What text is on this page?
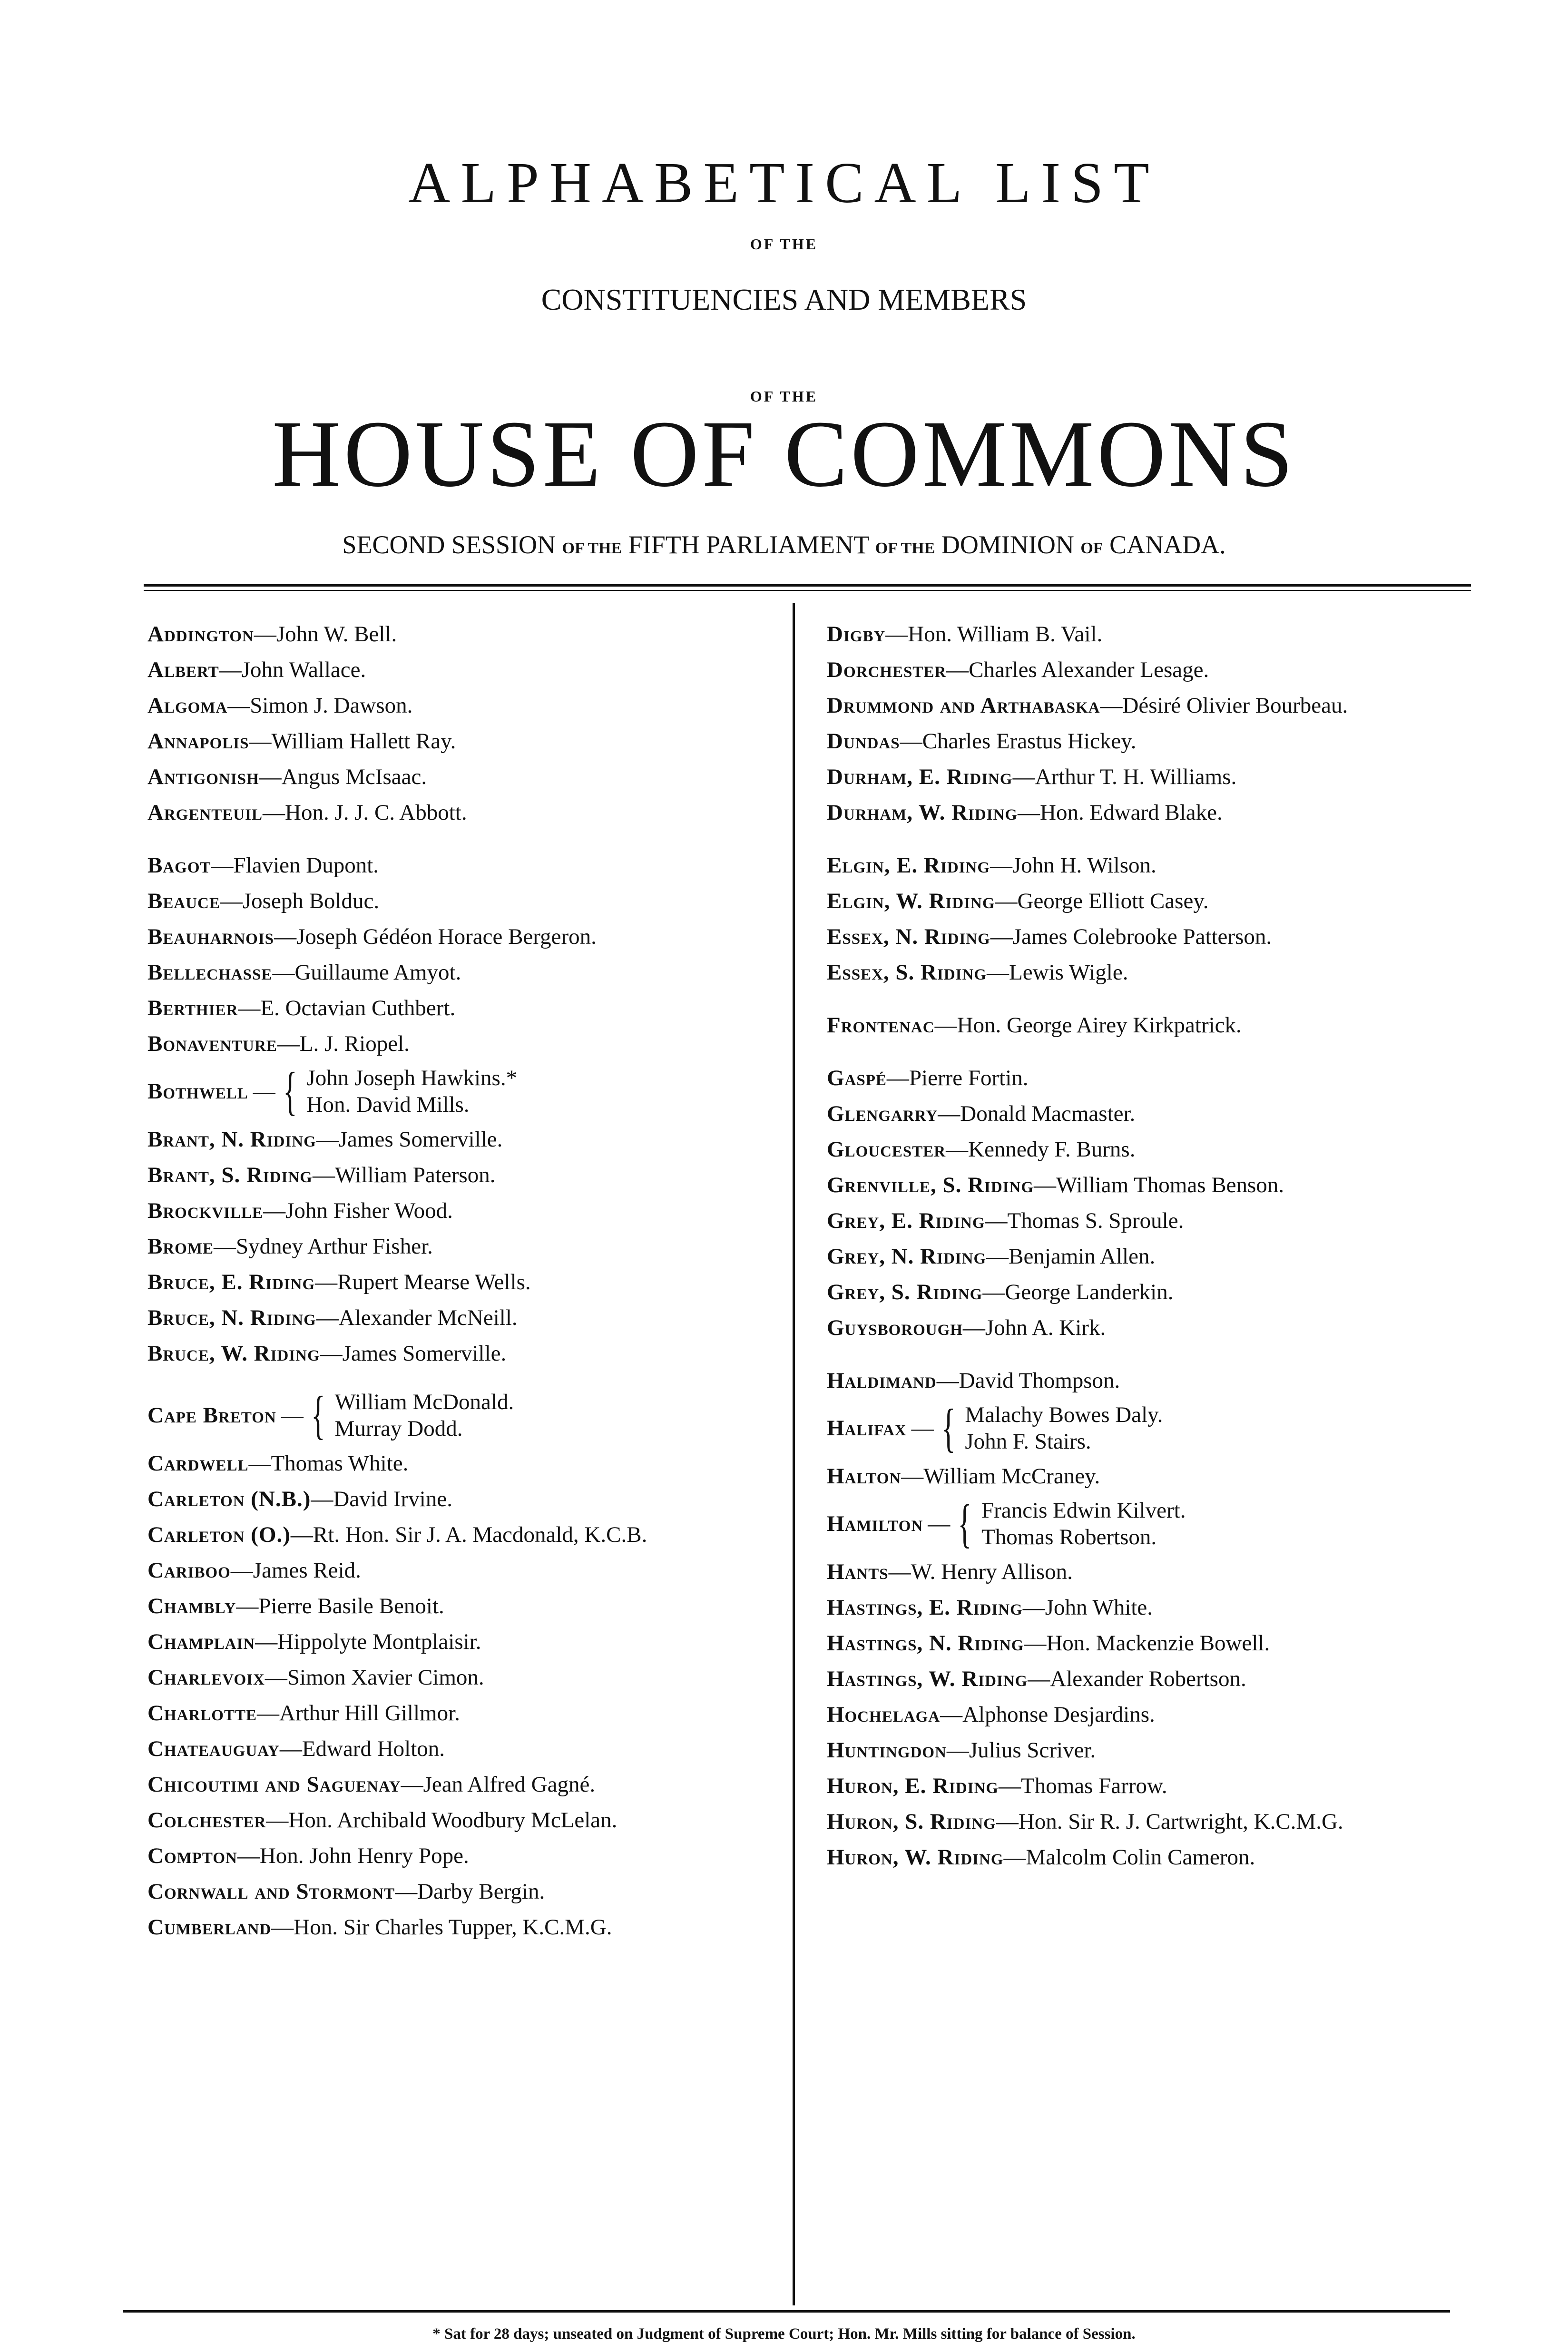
ALPHABETICAL LIST
OF THE
CONSTITUENCIES AND MEMBERS
OF THE
HOUSE OF COMMONS
SECOND SESSION OF THE FIFTH PARLIAMENT OF THE DOMINION OF CANADA.
Addington—John W. Bell.
Albert—John Wallace.
Algoma—Simon J. Dawson.
Annapolis—William Hallett Ray.
Antigonish—Angus McIsaac.
Argenteuil—Hon. J. J. C. Abbott.
Bagot—Flavien Dupont.
Beauce—Joseph Bolduc.
Beauharnois—Joseph Gédéon Horace Bergeron.
Bellechasse—Guillaume Amyot.
Berthier—E. Octavian Cuthbert.
Bonaventure—L. J. Riopel.
Bothwell — { John Joseph Hawkins.*
Hon. David Mills.
Brant, N. Riding—James Somerville.
Brant, S. Riding—William Paterson.
Brockville—John Fisher Wood.
Brome—Sydney Arthur Fisher.
Bruce, E. Riding—Rupert Mearse Wells.
Bruce, N. Riding—Alexander McNeill.
Bruce, W. Riding—James Somerville.
Cape Breton — { William McDonald.
Murray Dodd.
Cardwell—Thomas White.
Carleton (N.B.)—David Irvine.
Carleton (O.)—Rt. Hon. Sir J. A. Macdonald, K.C.B.
Cariboo—James Reid.
Chambly—Pierre Basile Benoit.
Champlain—Hippolyte Montplaisir.
Charlevoix—Simon Xavier Cimon.
Charlotte—Arthur Hill Gillmor.
Chateauguay—Edward Holton.
Chicoutimi and Saguenay—Jean Alfred Gagné.
Colchester—Hon. Archibald Woodbury McLelan.
Compton—Hon. John Henry Pope.
Cornwall and Stormont—Darby Bergin.
Cumberland—Hon. Sir Charles Tupper, K.C.M.G.
Digby—Hon. William B. Vail.
Dorchester—Charles Alexander Lesage.
Drummond and Arthabaska—Désiré Olivier Bourbeau.
Dundas—Charles Erastus Hickey.
Durham, E. Riding—Arthur T. H. Williams.
Durham, W. Riding—Hon. Edward Blake.
Elgin, E. Riding—John H. Wilson.
Elgin, W. Riding—George Elliott Casey.
Essex, N. Riding—James Colebrooke Patterson.
Essex, S. Riding—Lewis Wigle.
Frontenac—Hon. George Airey Kirkpatrick.
Gaspé—Pierre Fortin.
Glengarry—Donald Macmaster.
Gloucester—Kennedy F. Burns.
Grenville, S. Riding—William Thomas Benson.
Grey, E. Riding—Thomas S. Sproule.
Grey, N. Riding—Benjamin Allen.
Grey, S. Riding—George Landerkin.
Guysborough—John A. Kirk.
Haldimand—David Thompson.
Halifax — { Malachy Bowes Daly.
John F. Stairs.
Halton—William McCraney.
Hamilton — { Francis Edwin Kilvert.
Thomas Robertson.
Hants—W. Henry Allison.
Hastings, E. Riding—John White.
Hastings, N. Riding—Hon. Mackenzie Bowell.
Hastings, W. Riding—Alexander Robertson.
Hochelaga—Alphonse Desjardins.
Huntingdon—Julius Scriver.
Huron, E. Riding—Thomas Farrow.
Huron, S. Riding—Hon. Sir R. J. Cartwright, K.C.M.G.
Huron, W. Riding—Malcolm Colin Cameron.
* Sat for 28 days; unseated on Judgment of Supreme Court; Hon. Mr. Mills sitting for balance of Session.
